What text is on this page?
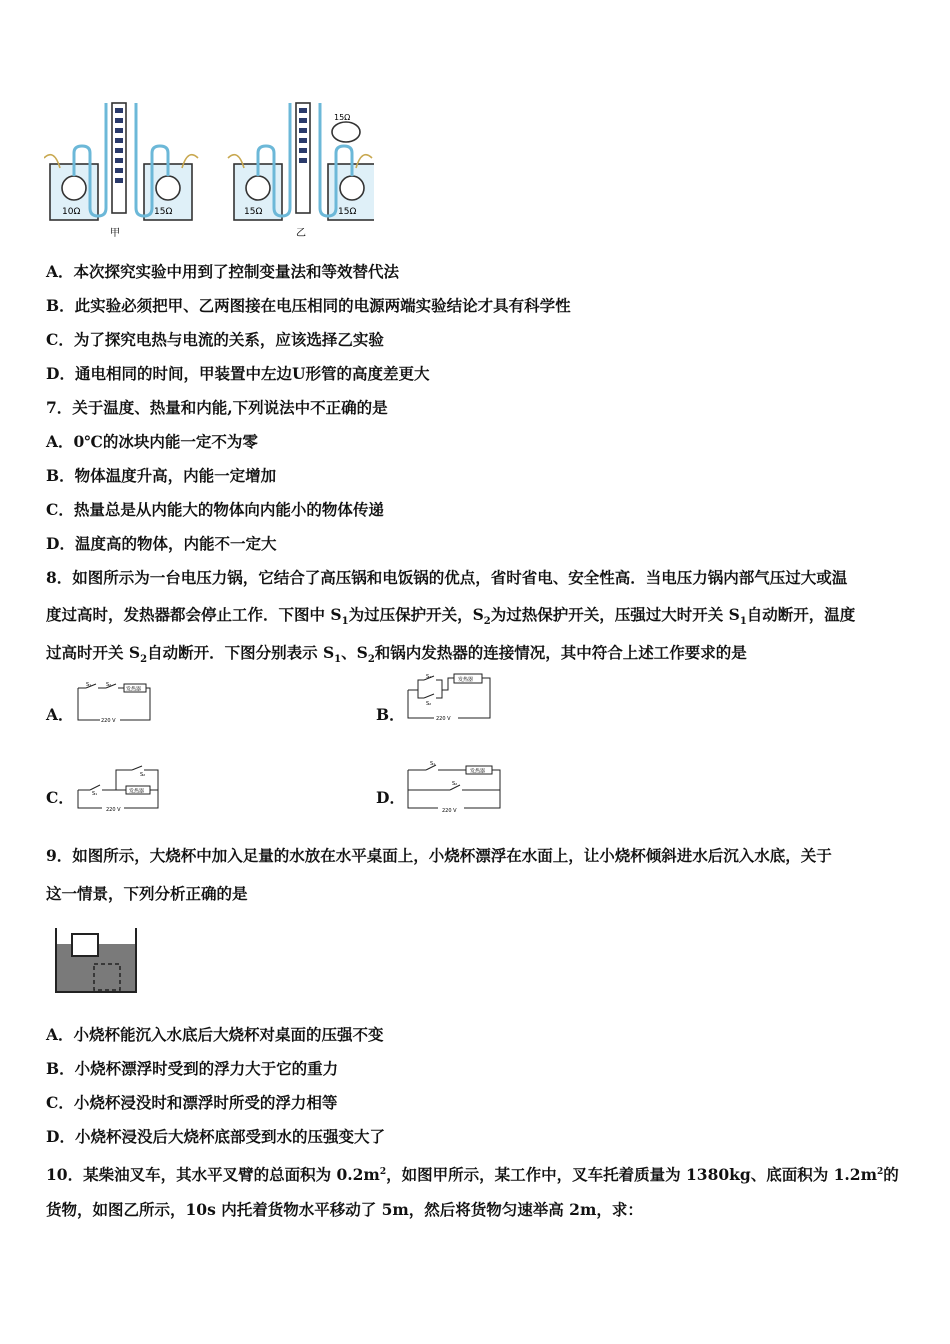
10Ω	15Ω
甲
15Ω
15Ω	15Ω
乙
A．本次探究实验中用到了控制变量法和等效替代法
B．此实验必须把甲、乙两图接在电压相同的电源两端实验结论才具有科学性
C．为了探究电热与电流的关系，应该选择乙实验
D．通电相同的时间，甲装置中左边U形管的高度差更大
7．关于温度、热量和内能,下列说法中不正确的是
A．0℃的冰块内能一定不为零
B．物体温度升高，内能一定增加
C．热量总是从内能大的物体向内能小的物体传递
D．温度高的物体，内能不一定大
8．如图所示为一台电压力锅，它结合了高压锅和电饭锅的优点，省时省电、安全性高．当电压力锅内部气压过大或温
度过高时，发热器都会停止工作．下图中 $S_1$为过压保护开关，$S_2$为过热保护开关，压强过大时开关 $S_1$自动断开，温度
过高时开关 $S_2$自动断开．下图分别表示 $S_1$、$S_2$和锅内发热器的连接情况，其中符合上述工作要求的是
A．	B．
C．	D．
S₁	S₂
发热器
220 V
S₁
S₂
发热器
220 V
S₁
S₂
发热器
220 V
S₁
S₂
发热器
220 V
9．如图所示，大烧杯中加入足量的水放在水平桌面上，小烧杯漂浮在水面上，让小烧杯倾斜进水后沉入水底，关于
这一情景，下列分析正确的是
A．小烧杯能沉入水底后大烧杯对桌面的压强不变
B．小烧杯漂浮时受到的浮力大于它的重力
C．小烧杯浸没时和漂浮时所受的浮力相等
D．小烧杯浸没后大烧杯底部受到水的压强变大了
10．某柴油叉车，其水平叉臂的总面积为 $0.2m^2$，如图甲所示，某工作中，叉车托着质量为 1380kg、底面积为 $1.2m^2$的
货物，如图乙所示，10s 内托着货物水平移动了 5m，然后将货物匀速举高 2m，求：
